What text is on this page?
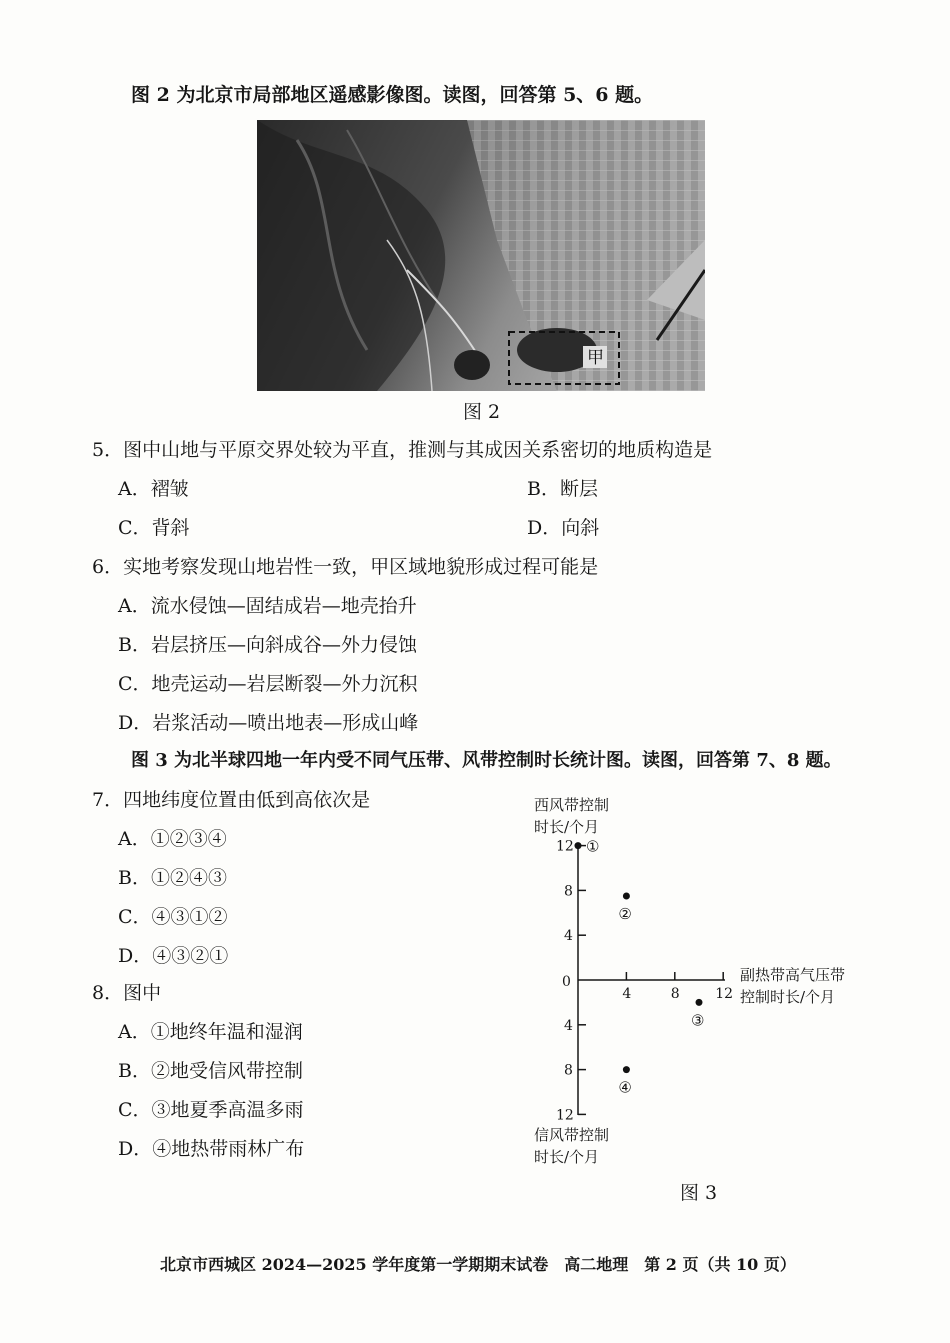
图 2 为北京市局部地区遥感影像图。读图，回答第 5、6 题。
甲
图 2
5．图中山地与平原交界处较为平直，推测与其成因关系密切的地质构造是
A．褶皱	B．断层
C．背斜	D．向斜
6．实地考察发现山地岩性一致，甲区域地貌形成过程可能是
A．流水侵蚀—固结成岩—地壳抬升
B．岩层挤压—向斜成谷—外力侵蚀
C．地壳运动—岩层断裂—外力沉积
D．岩浆活动—喷出地表—形成山峰
图 3 为北半球四地一年内受不同气压带、风带控制时长统计图。读图，回答第 7、8 题。
7．四地纬度位置由低到高依次是
A．①②③④
B．①②④③
C．④③①②
D．④③②①
8．图中
A．①地终年温和湿润
B．②地受信风带控制
C．③地夏季高温多雨
D．④地热带雨林广布
西风带控制
时长/个月
信风带控制
时长/个月
副热带高气压带
控制时长/个月
0
4	8	12
4
8
12
4
8
12
①
②
③
④
图 3
北京市西城区 2024—2025 学年度第一学期期末试卷　高二地理　第 2 页（共 10 页）
